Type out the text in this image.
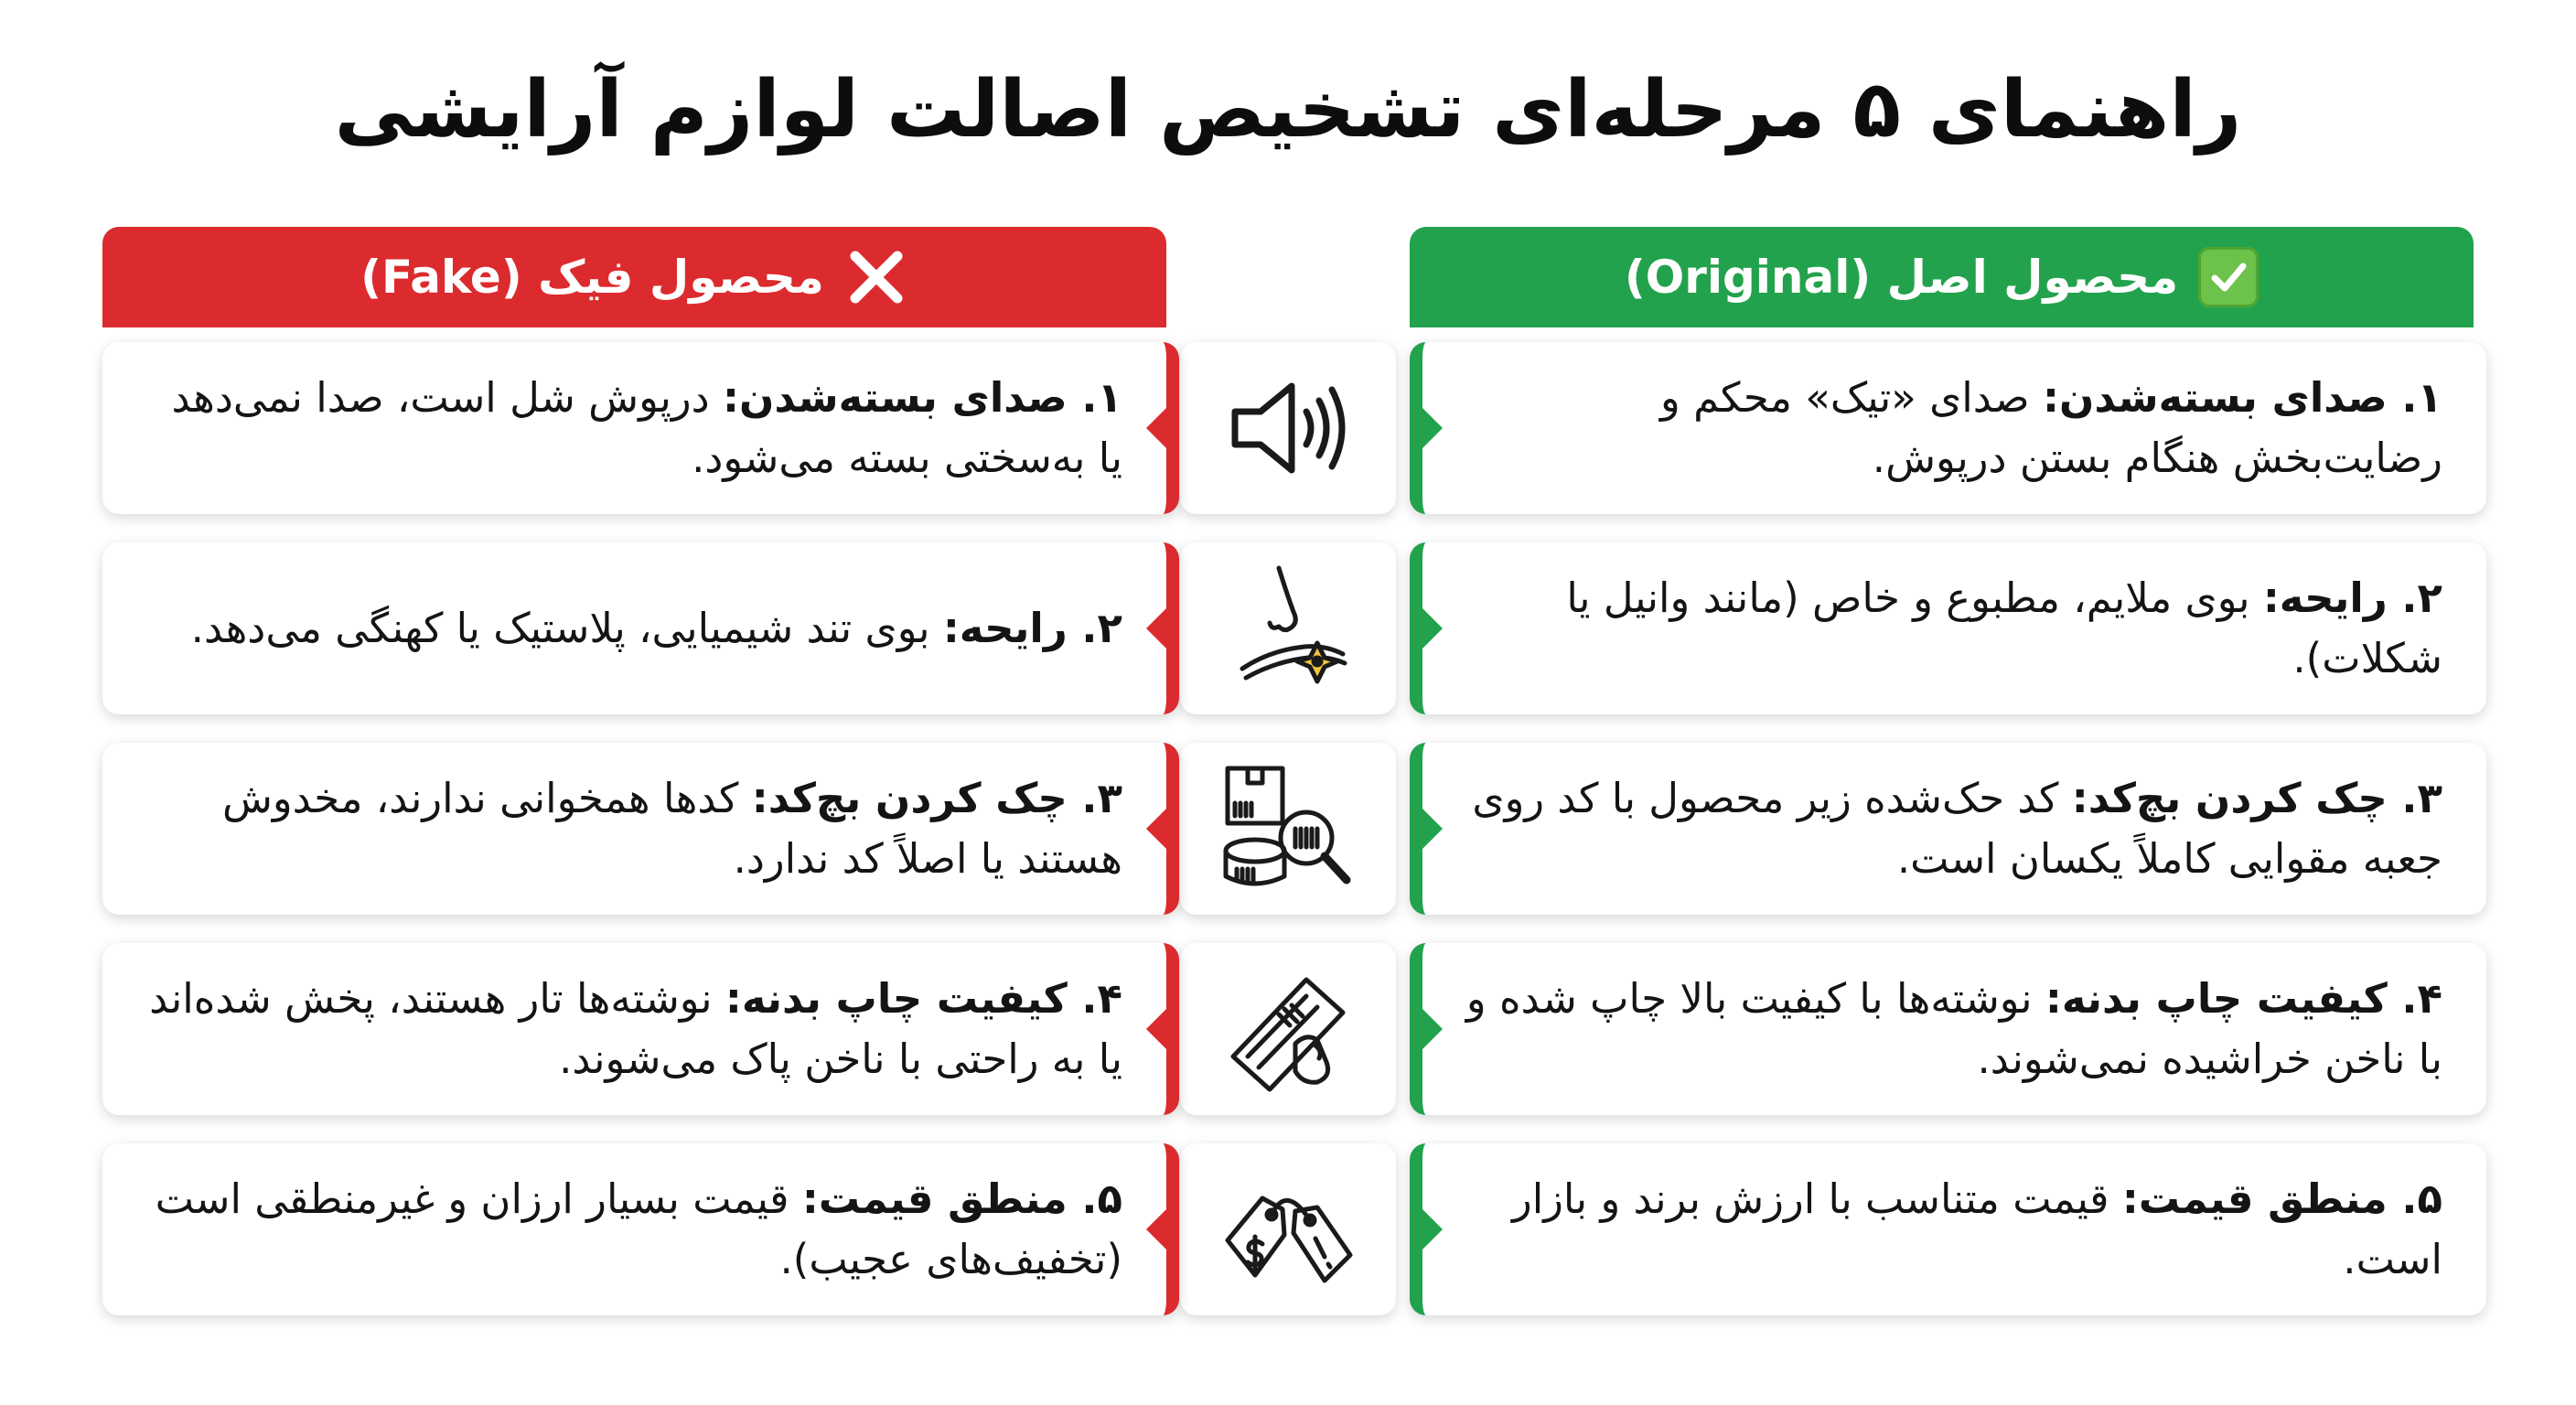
راهنمای ۵ مرحله‌ای تشخیص اصالت لوازم آرایشی
محصول اصل (Original)
محصول فیک (Fake)
۱. صدای بسته‌شدن: صدای «تیک» محکم و رضایت‌بخش هنگام بستن درپوش.
۱. صدای بسته‌شدن: درپوش شل است، صدا نمی‌دهد یا به‌سختی بسته می‌شود.
۲. رایحه: بوی ملایم، مطبوع و خاص (مانند وانیل یا شکلات).
۲. رایحه: بوی تند شیمیایی، پلاستیک یا کهنگی می‌دهد.
۳. چک کردن بچ‌کد: کد حک‌شده زیر محصول با کد روی جعبه مقوایی کاملاً یکسان است.
۳. چک کردن بچ‌کد: کدها همخوانی ندارند، مخدوش هستند یا اصلاً کد ندارد.
۴. کیفیت چاپ بدنه: نوشته‌ها با کیفیت بالا چاپ شده و با ناخن خراشیده نمی‌شوند.
۴. کیفیت چاپ بدنه: نوشته‌ها تار هستند، پخش شده‌اند یا به راحتی با ناخن پاک می‌شوند.
۵. منطق قیمت: قیمت متناسب با ارزش برند و بازار است.
۵. منطق قیمت: قیمت بسیار ارزان و غیرمنطقی است (تخفیف‌های عجیب).
